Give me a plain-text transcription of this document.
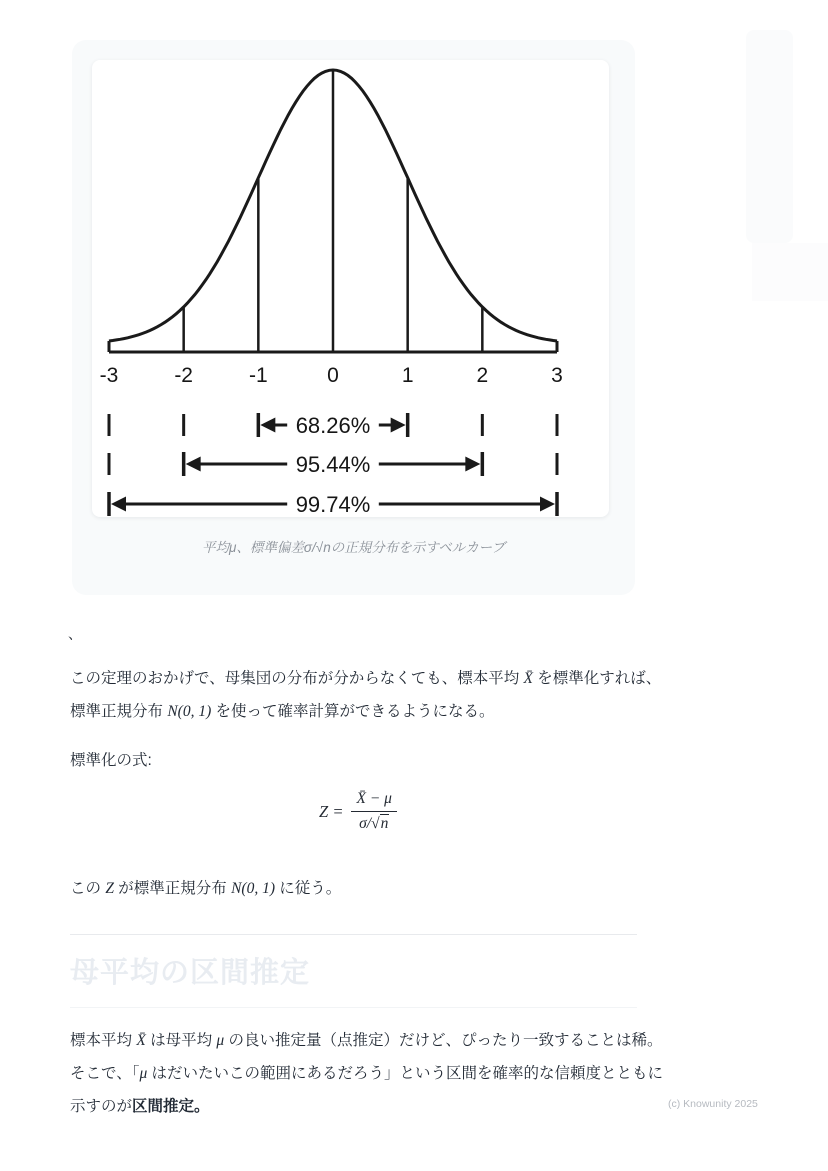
-3	-2	-1	0	1	2	3
68.26%
95.44%
99.74%
平均μ、標準偏差σ/√nの正規分布を示すベルカーブ
、

この定理のおかげで、母集団の分布が分からなくても、標本平均 X̄ を標準化すれば、標準正規分布 N(0, 1) を使って確率計算ができるようになる。

標準化の式:
$Z = \frac{X̄ - \mu}{\sigma/√n}$

この Z が標準正規分布 N(0, 1) に従う。

母平均の区間推定

標本平均 X̄ は母平均 μ の良い推定量（点推定）だけど、ぴったり一致することは稀。 そこで、「μ はだいたいこの範囲にあるだろう」という区間を確率的な信頼度とともに示すのが区間推定。	(c) Knowunity 2025
